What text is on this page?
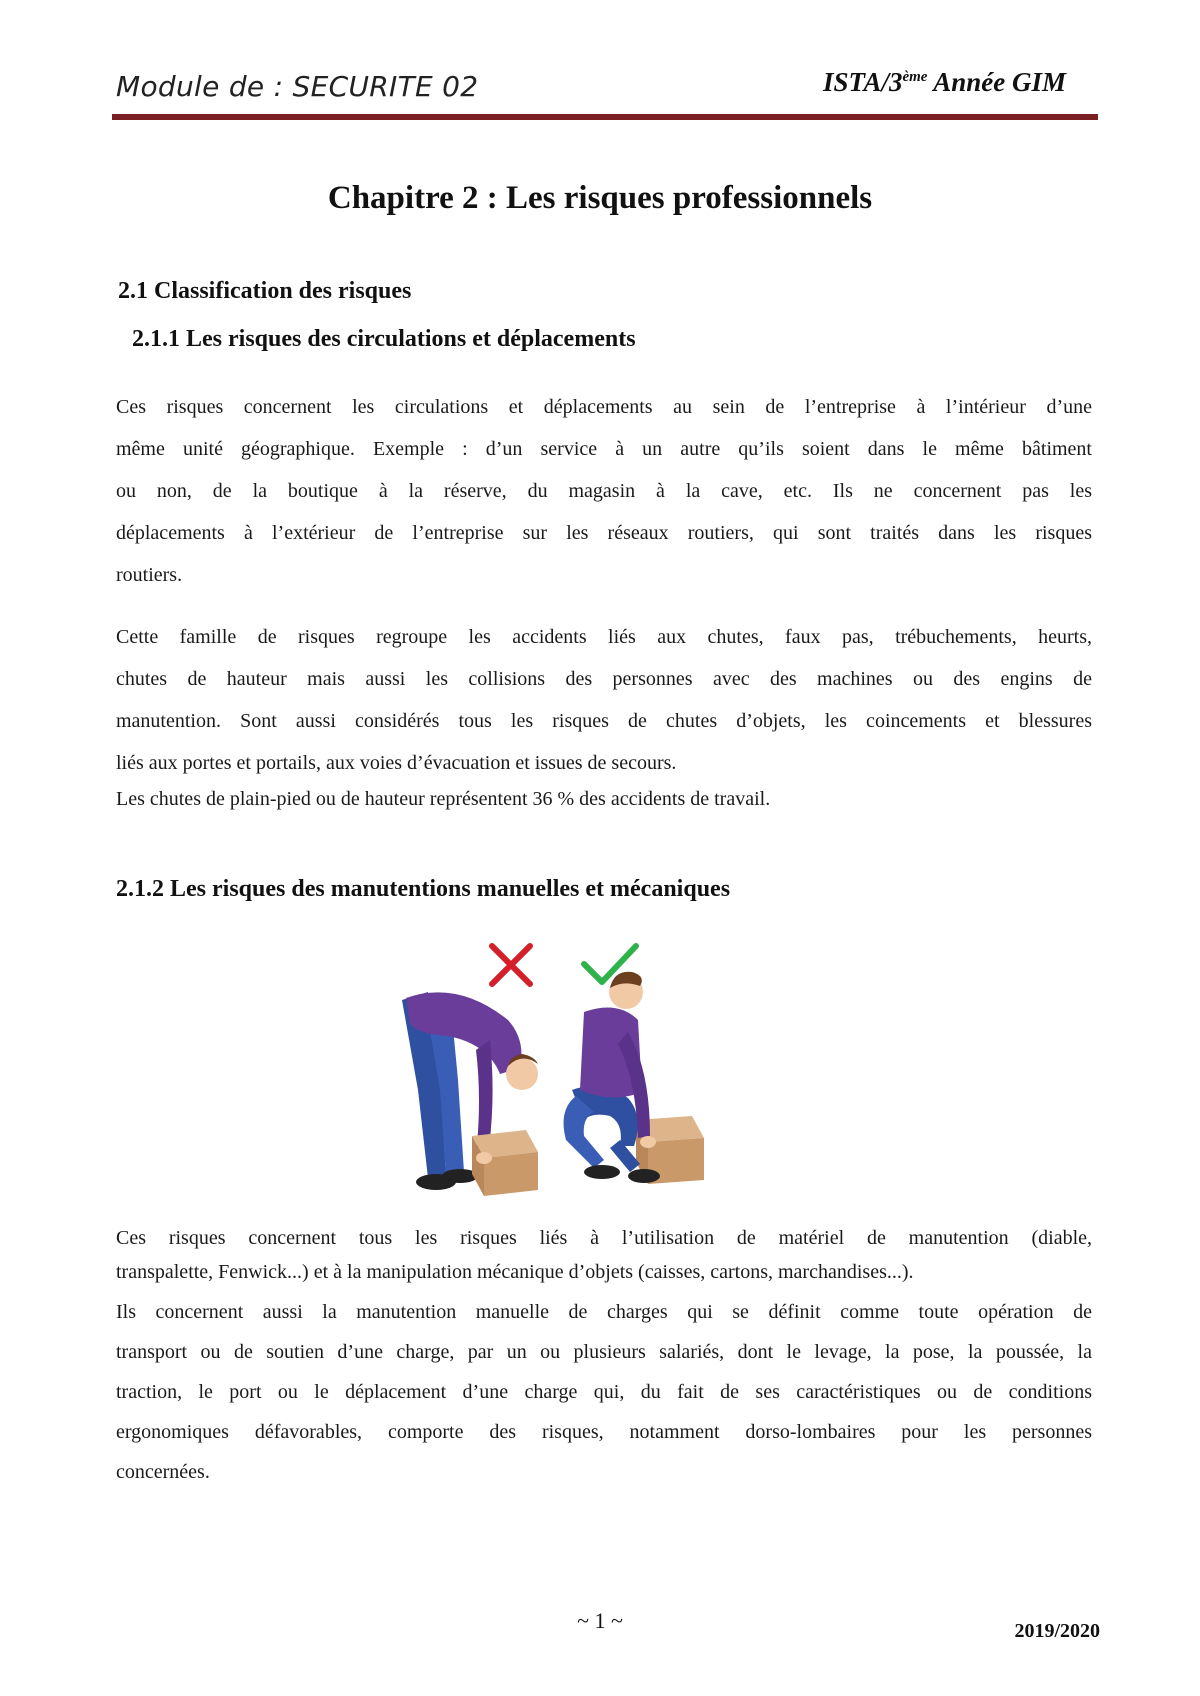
Module de : SECURITE 02	ISTA/3ème Année GIM
Chapitre 2 : Les risques professionnels
2.1 Classification des risques
2.1.1 Les risques des circulations et déplacements
Ces risques concernent les circulations et déplacements au sein de l’entreprise à l’intérieur d’une
même unité géographique. Exemple : d’un service à un autre qu’ils soient dans le même bâtiment
ou non, de la boutique à la réserve, du magasin à la cave, etc. Ils ne concernent pas les
déplacements à l’extérieur de l’entreprise sur les réseaux routiers, qui sont traités dans les risques
routiers.
Cette famille de risques regroupe les accidents liés aux chutes, faux pas, trébuchements, heurts,
chutes de hauteur mais aussi les collisions des personnes avec des machines ou des engins de
manutention. Sont aussi considérés tous les risques de chutes d’objets, les coincements et blessures
liés aux portes et portails, aux voies d’évacuation et issues de secours.
Les chutes de plain-pied ou de hauteur représentent 36 % des accidents de travail.
2.1.2 Les risques des manutentions manuelles et mécaniques
Ces risques concernent tous les risques liés à l’utilisation de matériel de manutention (diable,
transpalette, Fenwick...) et à la manipulation mécanique d’objets (caisses, cartons, marchandises...).
Ils concernent aussi la manutention manuelle de charges qui se définit comme toute opération de
transport ou de soutien d’une charge, par un ou plusieurs salariés, dont le levage, la pose, la poussée, la
traction, le port ou le déplacement d’une charge qui, du fait de ses caractéristiques ou de conditions
ergonomiques défavorables, comporte des risques, notamment dorso-lombaires pour les personnes
concernées.
~ 1 ~	2019/2020
